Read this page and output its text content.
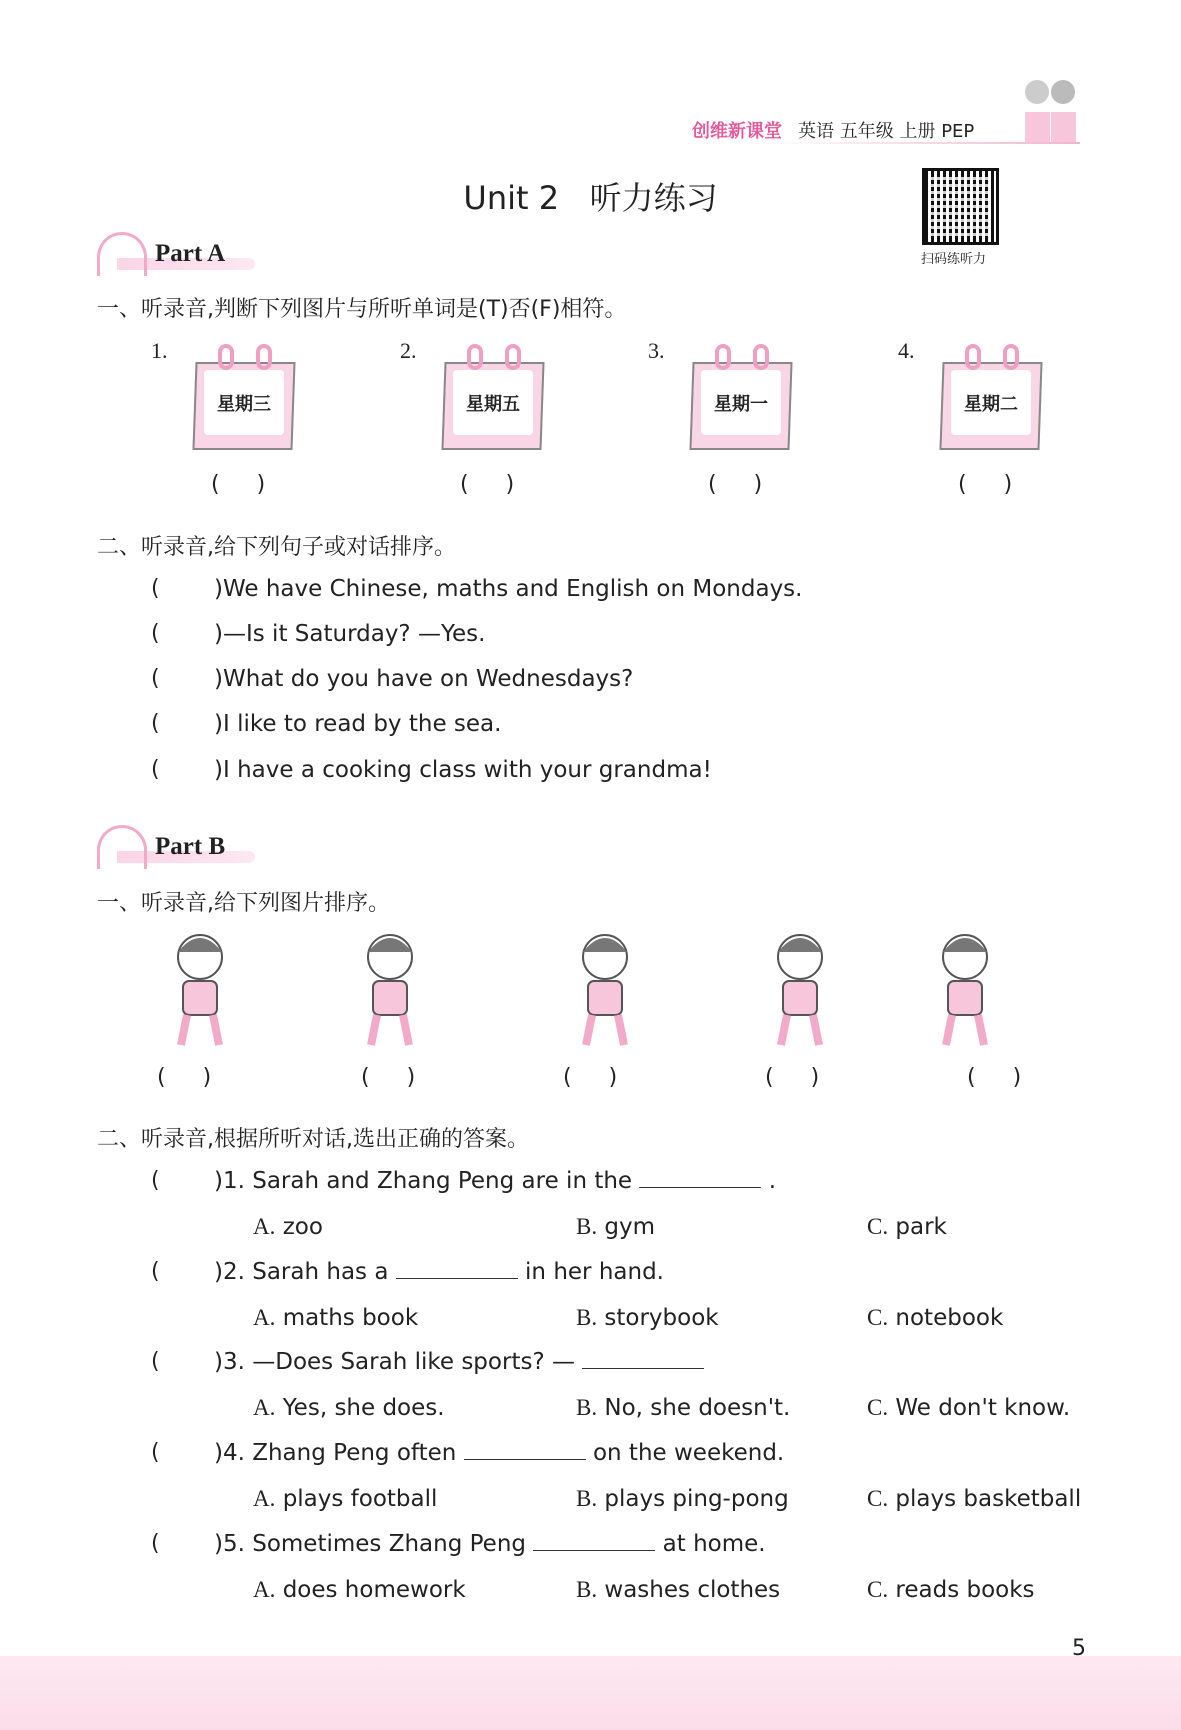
创维新课堂 英语 五年级 上册 PEP
Unit 2   听力练习
扫码练听力
Part A
一、听录音,判断下列图片与所听单词是(T)否(F)相符。
1.
星期三
( )
2.
星期五
( )
3.
星期一
( )
4.
星期二
( )
二、听录音,给下列句子或对话排序。
( )We have Chinese, maths and English on Mondays.
( )—Is it Saturday? —Yes.
( )What do you have on Wednesdays?
( )I like to read by the sea.
( )I have a cooking class with your grandma!
Part B
一、听录音,给下列图片排序。
( )	( )	( )	( )	( )
二、听录音,根据所听对话,选出正确的答案。
( )1. Sarah and Zhang Peng are in the	.
A. zoo	B. gym	C. park
( )2. Sarah has a	in her hand.
A. maths book	B. storybook	C. notebook
( )3. —Does Sarah like sports? —
A. Yes, she does.	B. No, she doesn't.	C. We don't know.
( )4. Zhang Peng often	on the weekend.
A. plays football	B. plays ping-pong	C. plays basketball
( )5. Sometimes Zhang Peng	at home.
A. does homework	B. washes clothes	C. reads books
5
